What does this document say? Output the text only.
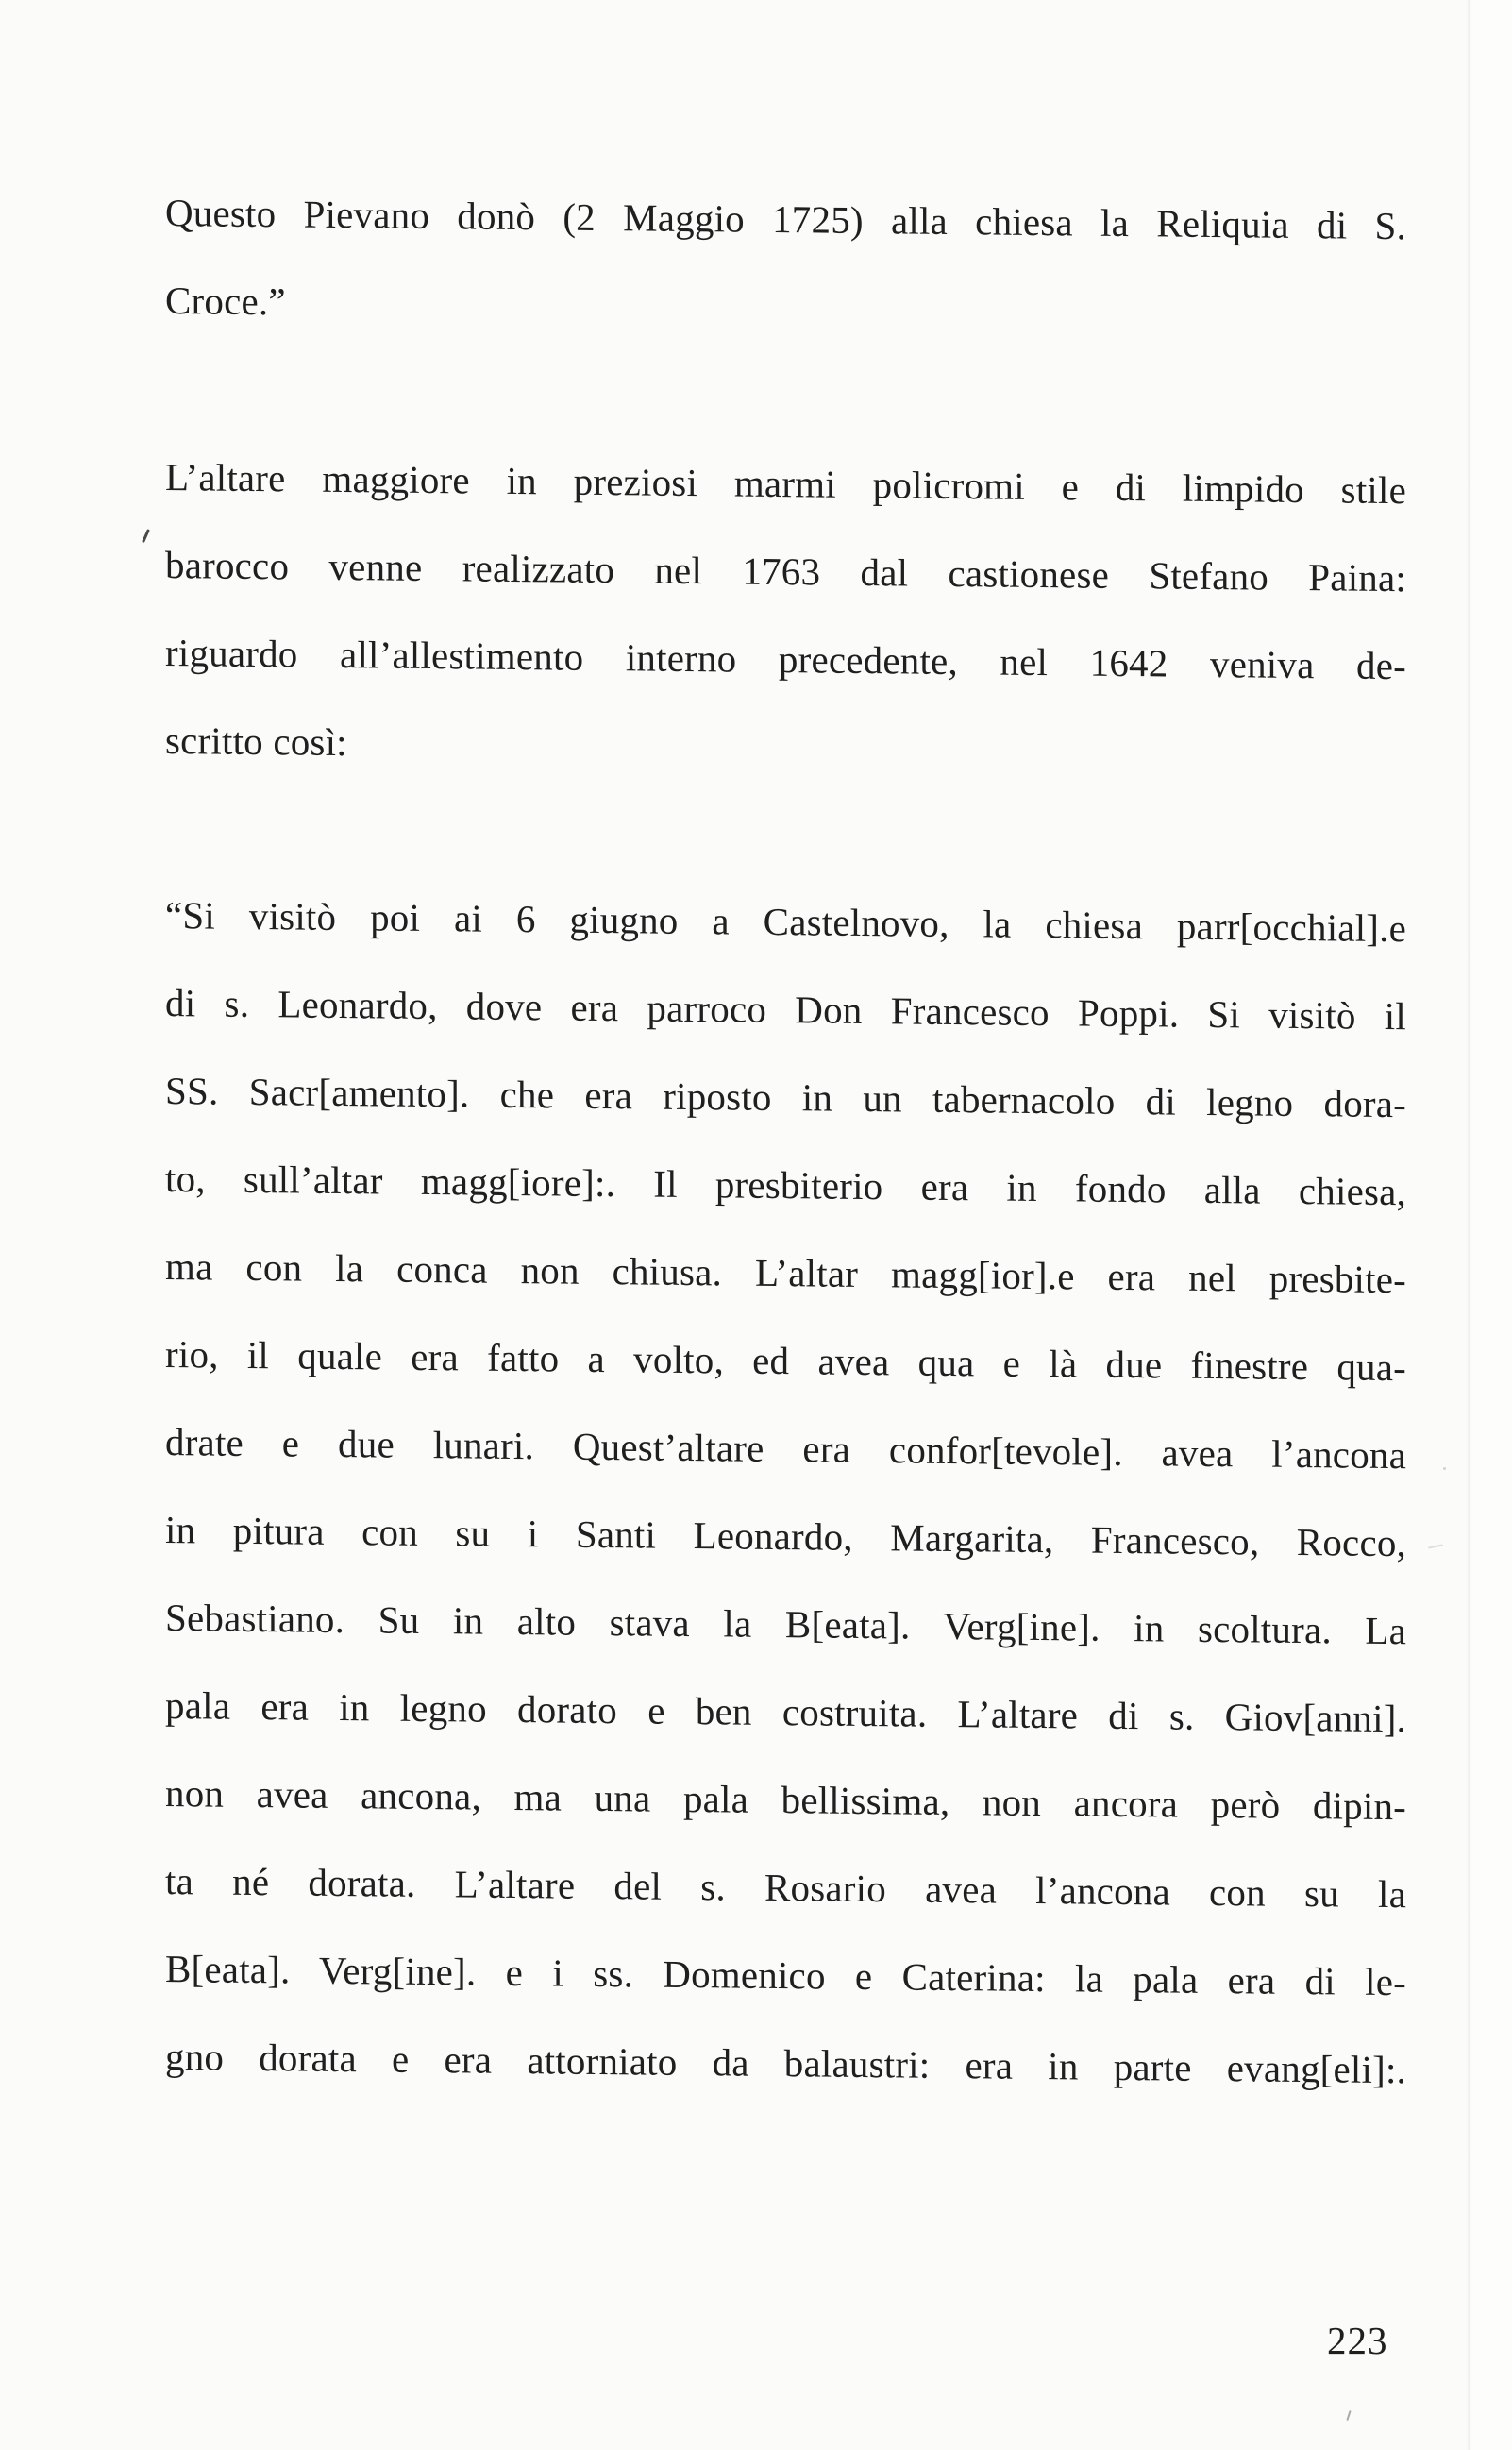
Questo Pievano donò (2 Maggio 1725) alla chiesa la Reliquia di S.
Croce.”
L’altare maggiore in preziosi marmi policromi e di limpido stile
barocco venne realizzato nel 1763 dal castionese Stefano Paina:
riguardo all’allestimento interno precedente, nel 1642 veniva de-
scritto così:
“Si visitò poi ai 6 giugno a Castelnovo, la chiesa parr[occhial].e
di s. Leonardo, dove era parroco Don Francesco Poppi. Si visitò il
SS. Sacr[amento]. che era riposto in un tabernacolo di legno dora-
to, sull’altar magg[iore]:. Il presbiterio era in fondo alla chiesa,
ma con la conca non chiusa. L’altar magg[ior].e era nel presbite-
rio, il quale era fatto a volto, ed avea qua e là due finestre qua-
drate e due lunari. Quest’altare era confor[tevole]. avea l’ancona
in pitura con su i Santi Leonardo, Margarita, Francesco, Rocco,
Sebastiano. Su in alto stava la B[eata]. Verg[ine]. in scoltura. La
pala era in legno dorato e ben costruita. L’altare di s. Giov[anni].
non avea ancona, ma una pala bellissima, non ancora però dipin-
ta né dorata. L’altare del s. Rosario avea l’ancona con su la
B[eata]. Verg[ine]. e i ss. Domenico e Caterina: la pala era di le-
gno dorata e era attorniato da balaustri: era in parte evang[eli]:.
223
